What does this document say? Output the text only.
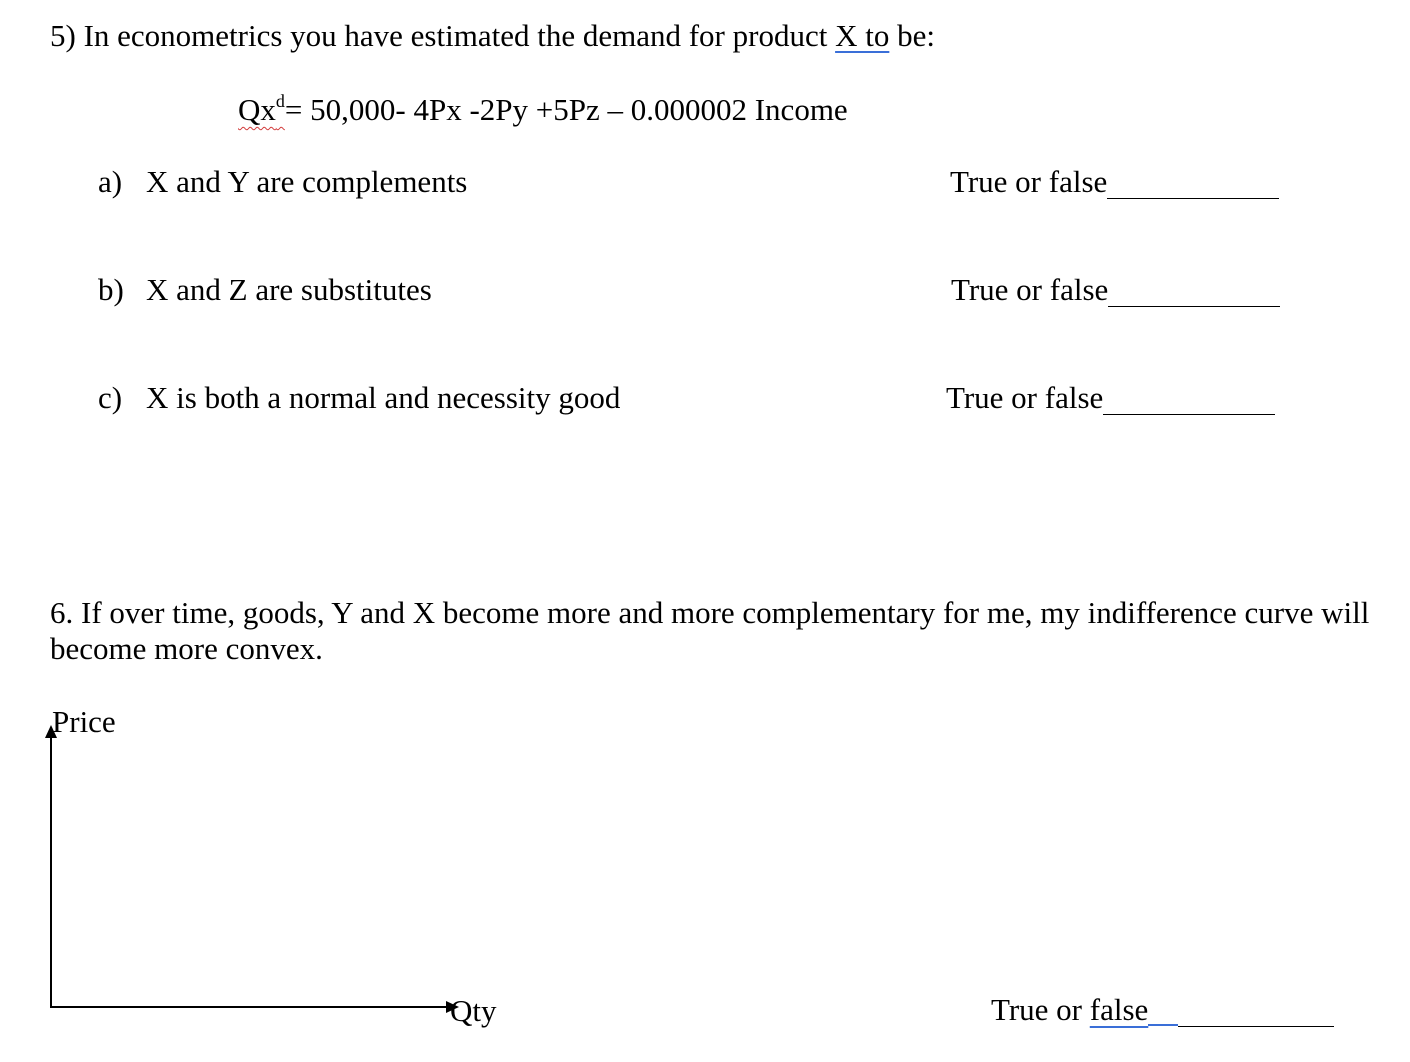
5) In econometrics you have estimated the demand for product X to be:
$Qx^d= 50,000-$ 4Px -2Py +5Pz – 0.000002 Income
a) X and Y are complements	True or false
b) X and Z are substitutes	True or false
c) X is both a normal and necessity good	True or false
6. If over time, goods, Y and X become more and more complementary for me, my indifference curve will become more convex.
Price
Qty	True or false
